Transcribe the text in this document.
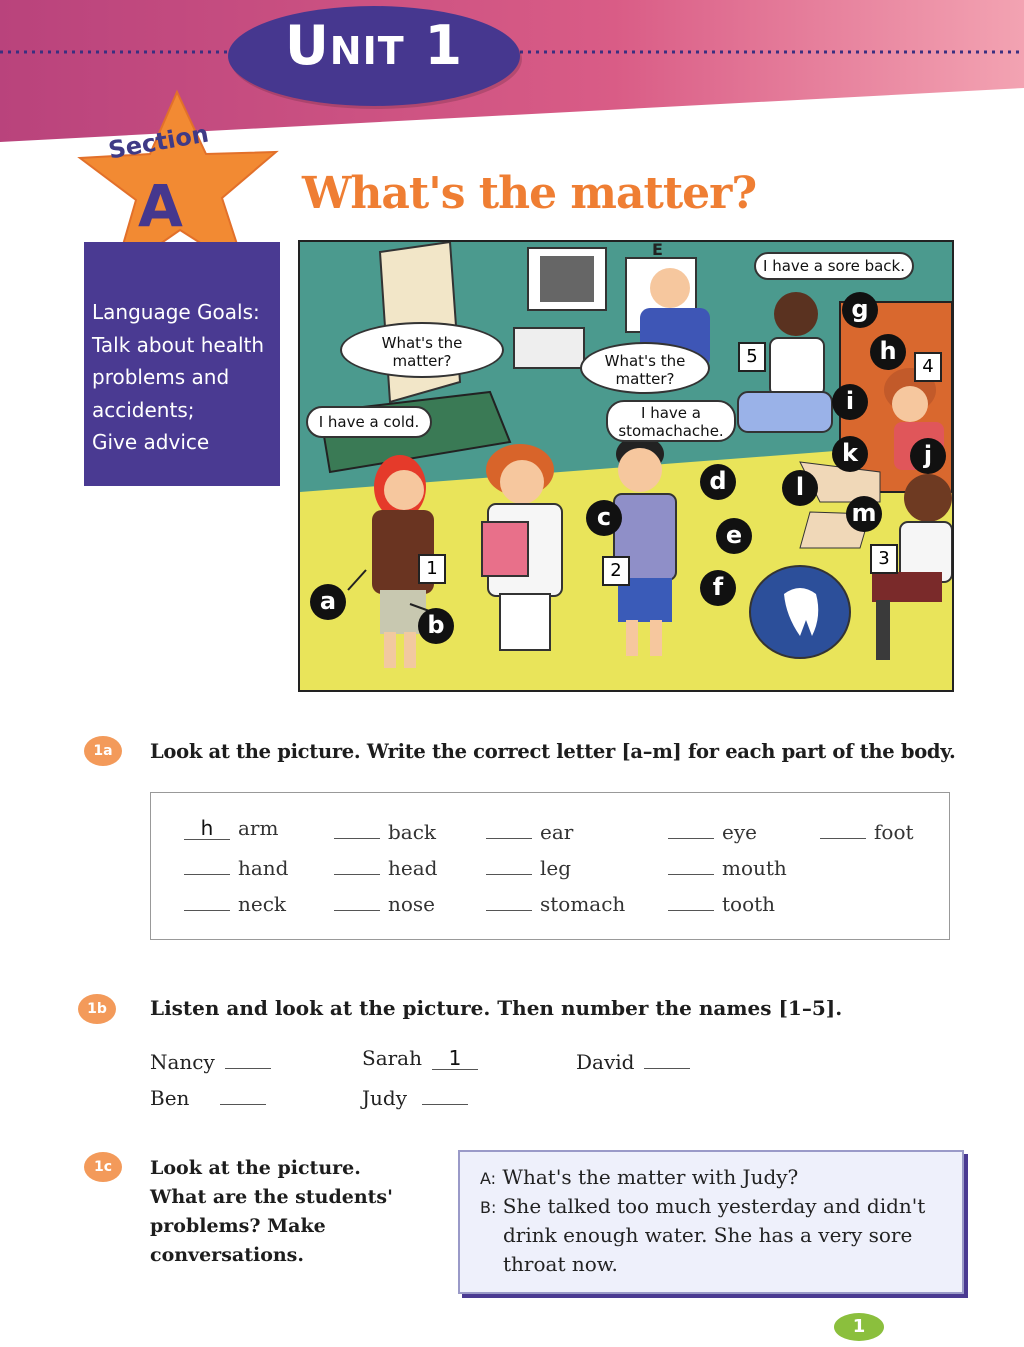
Unit 1
Section
A	What's the matter?
Language Goals:
Talk about health
problems and
accidents;
Give advice
E
I have a sore back.
What's the
matter?
I have a cold.
What's the
matter?
I have a
stomachache.
a
b
c
d
e
f
g
h
i
j
k
l
m
1	2
3
4
5
1a	Look at the picture. Write the correct letter [a–m] for each part of the body.
h arm	back	ear	eye	foot
hand	head	leg	mouth
neck	nose	stomach	tooth
1b	Listen and look at the picture. Then number the names [1–5].
Nancy	Sarah 1	David
Ben	Judy
1c	Look at the picture.
What are the students'
problems? Make
conversations.
A: What's the matter with Judy?
B: She talked too much yesterday and didn't
drink enough water. She has a very sore
throat now.
1
